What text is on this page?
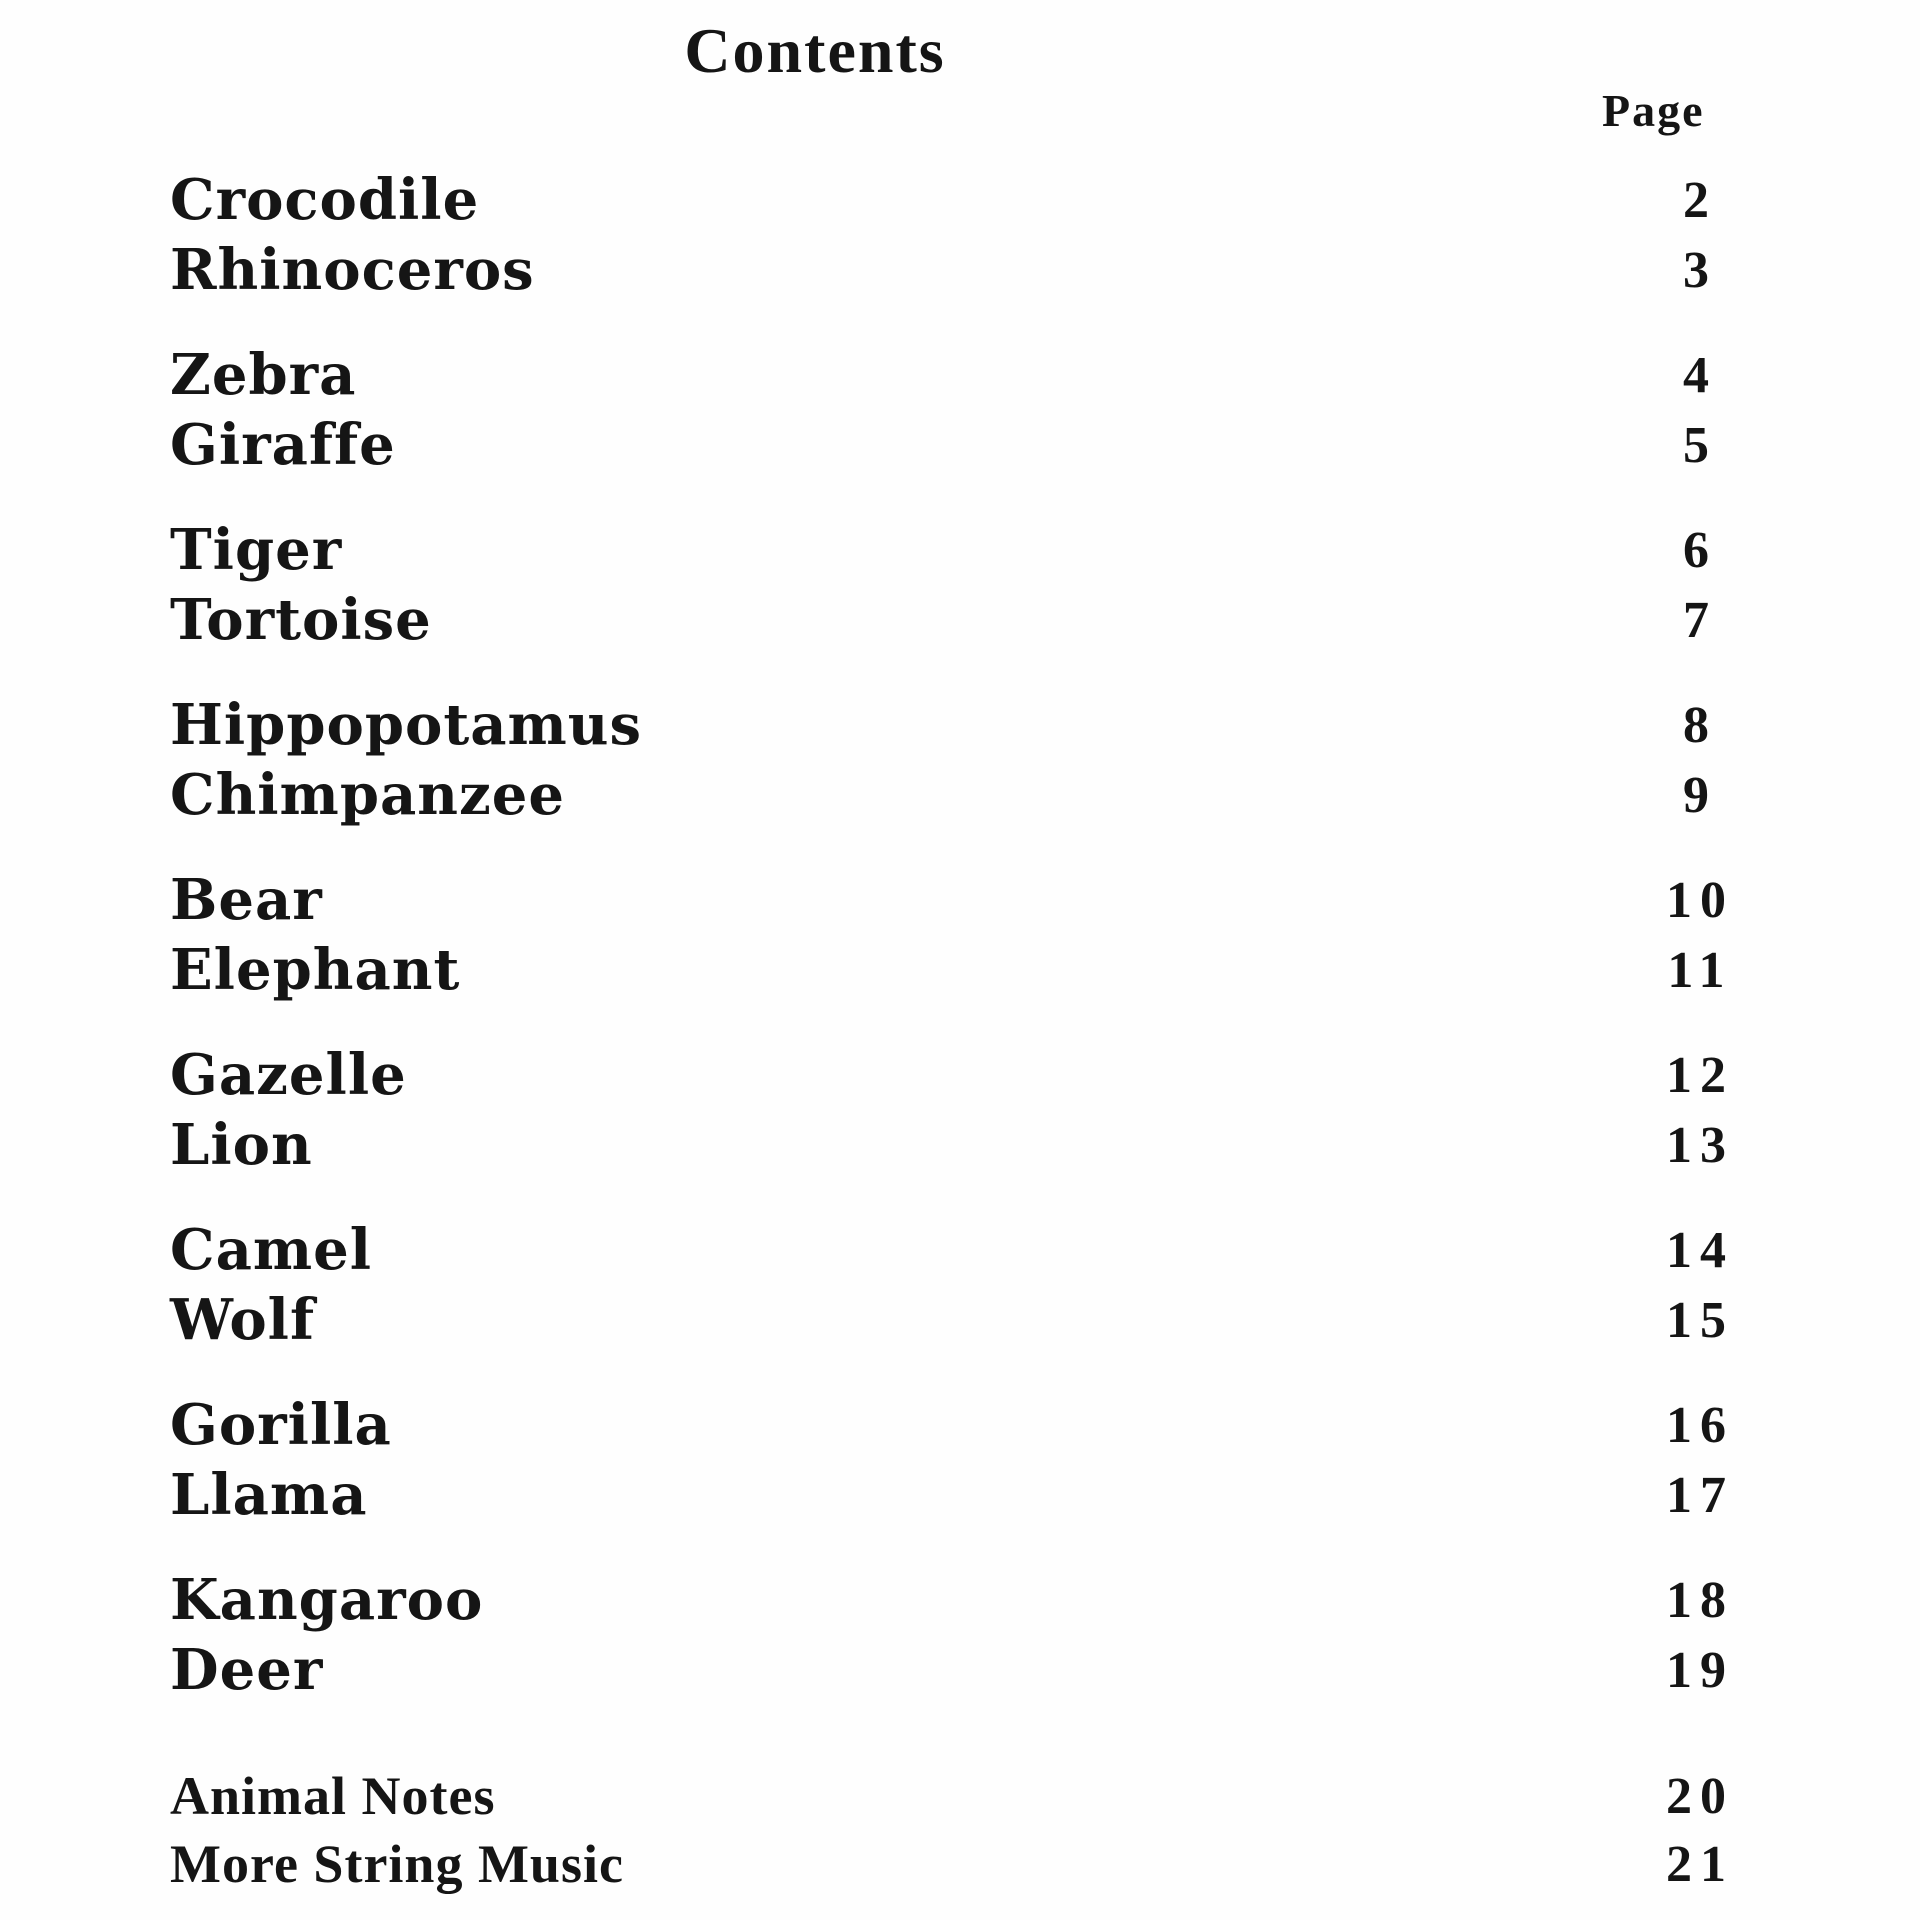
Contents
Page
Crocodile	2
Rhinoceros	3
Zebra	4
Giraffe	5
Tiger	6
Tortoise	7
Hippopotamus	8
Chimpanzee	9
Bear	10
Elephant	11
Gazelle	12
Lion	13
Camel	14
Wolf	15
Gorilla	16
Llama	17
Kangaroo	18
Deer	19
Animal Notes	20
More String Music	21
